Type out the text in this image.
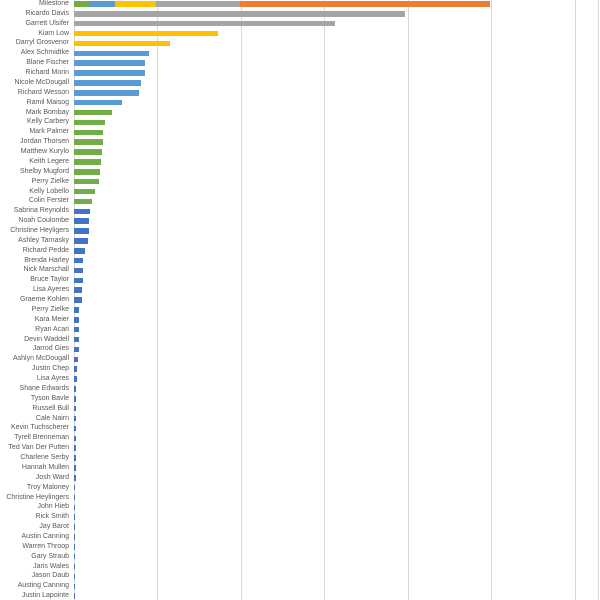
Milestone
Ricardo Davis
Garrett Ulsifer
Kiam Low
Darryl Grosvenor
Alex Schmidtke
Blane Fischer
Richard Morin
Nicole McDougall
Richard Wesson
Ramil Maisog
Mark Bombay
Kelly Carbery
Mark Palmer
Jordan Thorsen
Matthew Kurylo
Keith Legere
Shelby Mugford
Perry Zielke
Kelly Lobello
Colin Ferster
Sabrina Reynolds
Noah Coulombe
Christine Heyligers
Ashley Tarnasky
Richard Pedde
Brenda Harley
Nick Marschall
Bruce Taylor
Lisa Ayeres
Graeme Kohlen
Perry Zielke
Kara Meier
Ryan Acari
Devin Waddell
Jarrod Gies
Ashlyn McDougall
Justin Chep
Lisa Ayres
Shane Edwards
Tyson Bavle
Russell Bull
Cale Nairn
Kevin Tuchscherer
Tyrell Brenneman
Ted Van Der Putten
Charlene Serby
Hannah Mullen
Josh Ward
Troy Maloney
Christine Heylingers
John Hieb
Rick Smith
Jay Barot
Austin Canning
Warren Throop
Gary Straub
Jaris Wales
Jason Daub
Austing Canning
Justin Lapointe
